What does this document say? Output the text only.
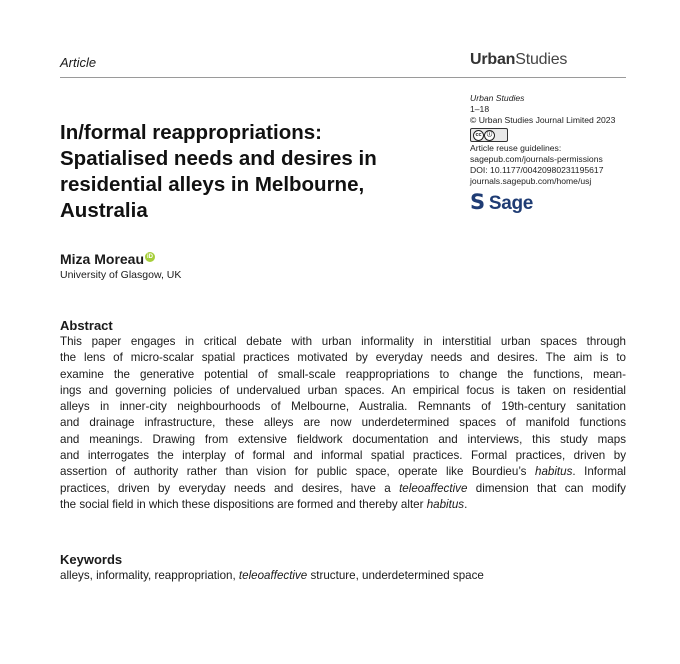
Article	UrbanStudies
Urban Studies
1–18
© Urban Studies Journal Limited 2023
cc ⓘ
Article reuse guidelines:
sagepub.com/journals-permissions
DOI: 10.1177/00420980231195617
journals.sagepub.com/home/usj
𝗦 Sage
In/formal reappropriations:
Spatialised needs and desires in
residential alleys in Melbourne,
Australia
Miza Moreau iD
University of Glasgow, UK
Abstract
This paper engages in critical debate with urban informality in interstitial urban spaces through
the lens of micro-scalar spatial practices motivated by everyday needs and desires. The aim is to
examine the generative potential of small-scale reappropriations to change the functions, mean-
ings and governing policies of undervalued urban spaces. An empirical focus is taken on residential
alleys in inner-city neighbourhoods of Melbourne, Australia. Remnants of 19th-century sanitation
and drainage infrastructure, these alleys are now underdetermined spaces of manifold functions
and meanings. Drawing from extensive fieldwork documentation and interviews, this study maps
and interrogates the interplay of formal and informal spatial practices. Formal practices, driven by
assertion of authority rather than vision for public space, operate like Bourdieu’s habitus. Informal
practices, driven by everyday needs and desires, have a teleoaffective dimension that can modify
the social field in which these dispositions are formed and thereby alter habitus.
Keywords
alleys, informality, reappropriation, teleoaffective structure, underdetermined space
